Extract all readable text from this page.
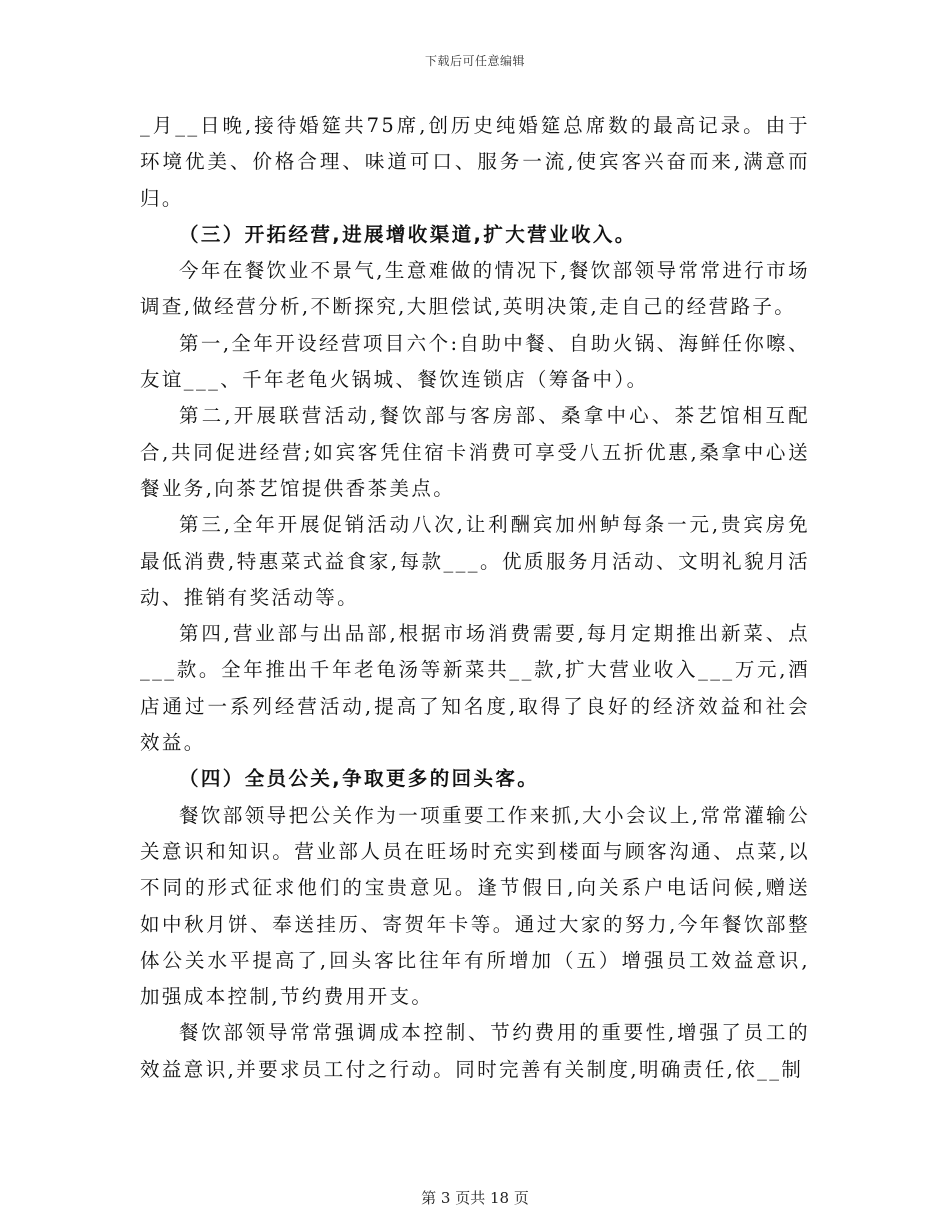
下载后可任意编辑

_月__日晚,接待婚筵共75席,创历史纯婚筵总席数的最高记录。由于环境优美、价格合理、味道可口、服务一流,使宾客兴奋而来,满意而归。

（三）开拓经营,进展增收渠道,扩大营业收入。

今年在餐饮业不景气,生意难做的情况下,餐饮部领导常常进行市场调查,做经营分析,不断探究,大胆偿试,英明决策,走自己的经营路子。

第一,全年开设经营项目六个:自助中餐、自助火锅、海鲜任你嚓、友谊___、千年老龟火锅城、餐饮连锁店（筹备中）。

第二,开展联营活动,餐饮部与客房部、桑拿中心、茶艺馆相互配合,共同促进经营;如宾客凭住宿卡消费可享受八五折优惠,桑拿中心送餐业务,向茶艺馆提供香茶美点。

第三,全年开展促销活动八次,让利酬宾加州鲈每条一元,贵宾房免最低消费,特惠菜式益食家,每款___。优质服务月活动、文明礼貌月活动、推销有奖活动等。

第四,营业部与出品部,根据市场消费需要,每月定期推出新菜、点___款。全年推出千年老龟汤等新菜共__款,扩大营业收入___万元,酒店通过一系列经营活动,提高了知名度,取得了良好的经济效益和社会效益。

（四）全员公关,争取更多的回头客。

餐饮部领导把公关作为一项重要工作来抓,大小会议上,常常灌输公关意识和知识。营业部人员在旺场时充实到楼面与顾客沟通、点菜,以不同的形式征求他们的宝贵意见。逢节假日,向关系户电话问候,赠送如中秋月饼、奉送挂历、寄贺年卡等。通过大家的努力,今年餐饮部整体公关水平提高了,回头客比往年有所增加（五）增强员工效益意识,加强成本控制,节约费用开支。

餐饮部领导常常强调成本控制、节约费用的重要性,增强了员工的效益意识,并要求员工付之行动。同时完善有关制度,明确责任,依__制

第 3 页共 18 页
